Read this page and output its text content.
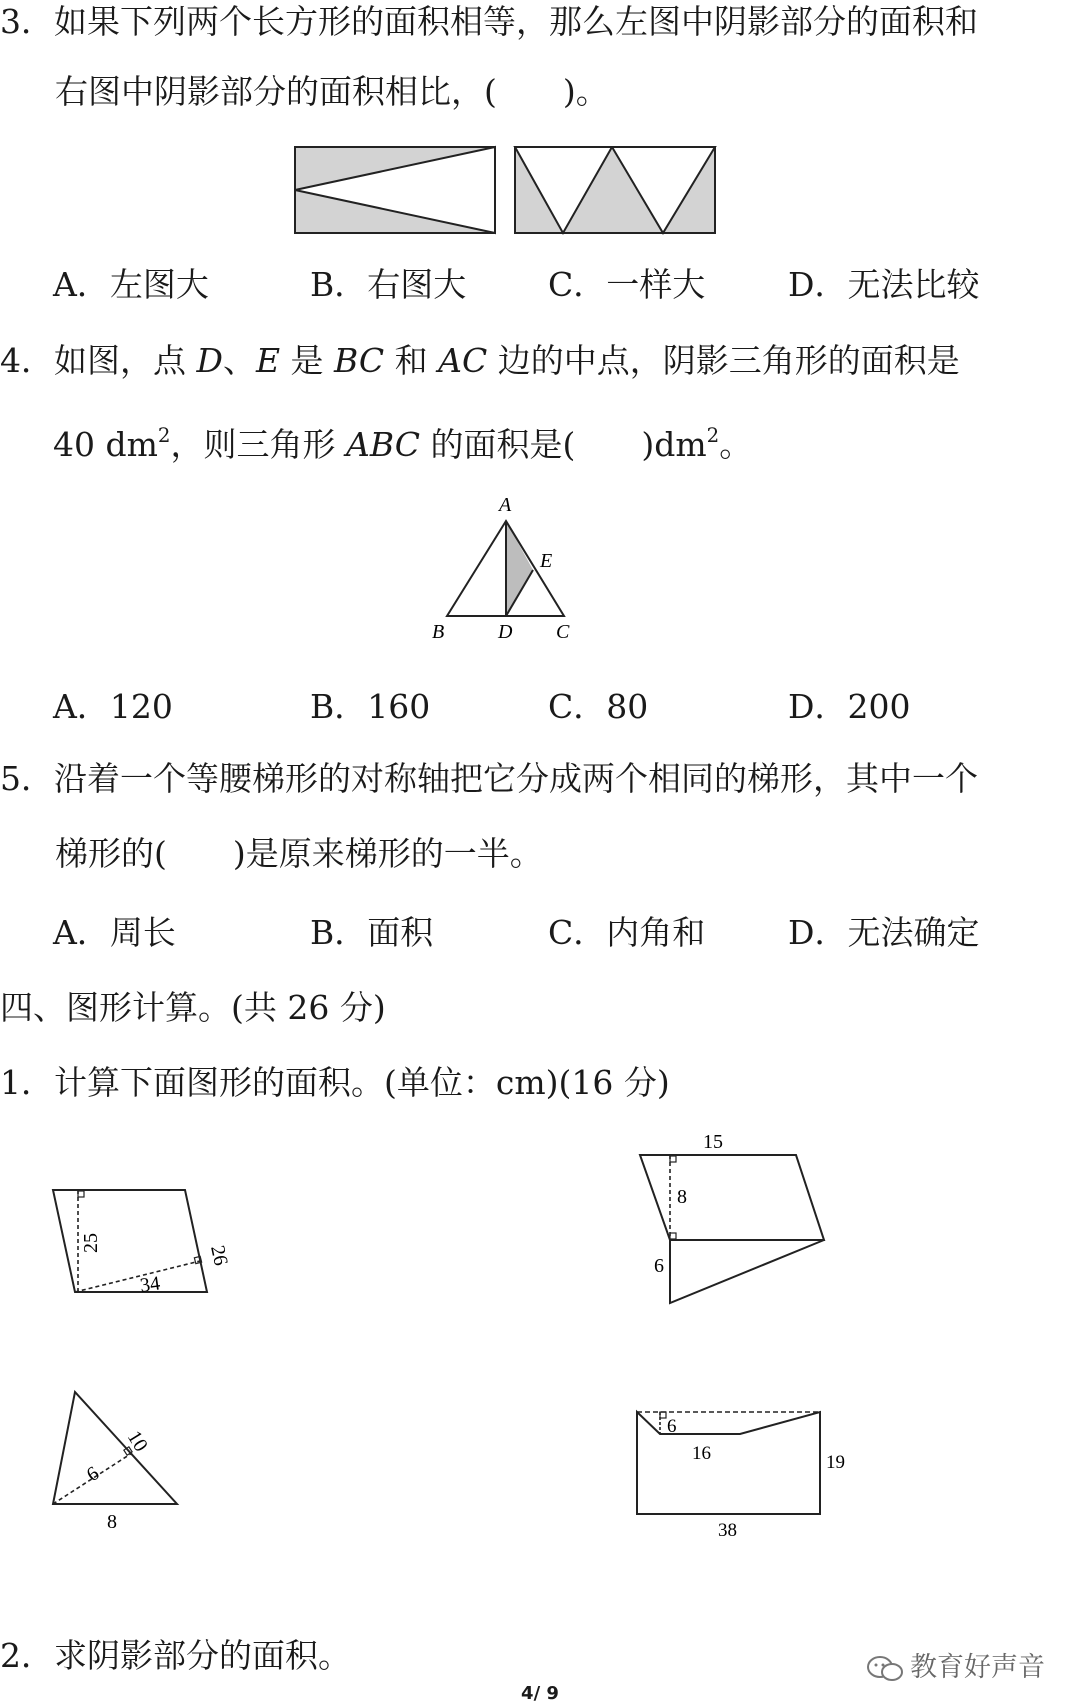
3．如果下列两个长方形的面积相等，那么左图中阴影部分的面积和
右图中阴影部分的面积相比，(　　)。
A．左图大	B．右图大 C．一样大	D．无法比较
4．如图，点 D、E 是 BC 和 AC 边的中点，阴影三角形的面积是
40 $dm^2$，则三角形 ABC 的面积是(　　)$dm^2$。
A
B	D C
E
A．120	B．160	C．80	D．200
5．沿着一个等腰梯形的对称轴把它分成两个相同的梯形，其中一个
梯形的(　　)是原来梯形的一半。
A．周长	B．面积	C．内角和	D．无法确定
四、图形计算。(共 26 分)
1．计算下面图形的面积。(单位：cm)(16 分)
25
26
34
15
8
6
10
6
8
6
16	19
38
2．求阴影部分的面积。	教育好声音
4/ 9
